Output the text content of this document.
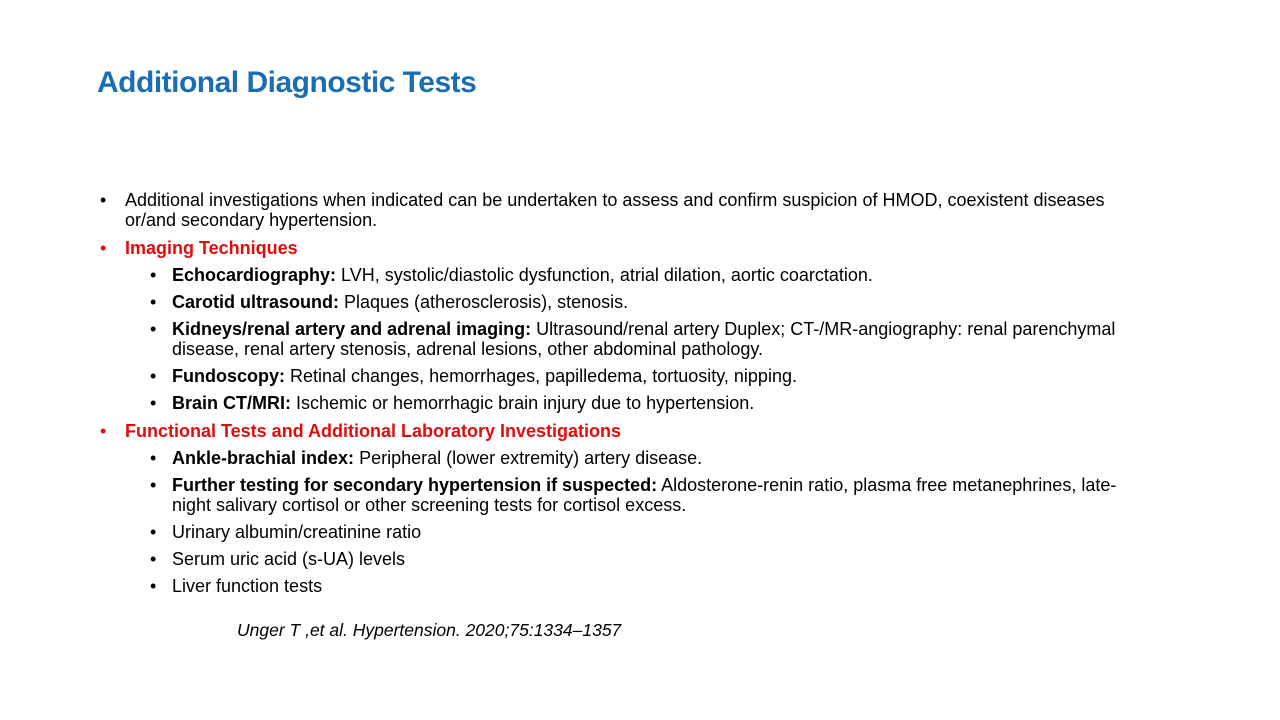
Additional Diagnostic Tests
•	Additional investigations when indicated can be undertaken to assess and confirm suspicion of HMOD, coexistent diseases or/and secondary hypertension.
•	Imaging Techniques
• Echocardiography: LVH, systolic/diastolic dysfunction, atrial dilation, aortic coarctation.
• Carotid ultrasound: Plaques (atherosclerosis), stenosis.
• Kidneys/renal artery and adrenal imaging: Ultrasound/renal artery Duplex; CT-/MR-angiography: renal parenchymal disease, renal artery stenosis, adrenal lesions, other abdominal pathology.
• Fundoscopy: Retinal changes, hemorrhages, papilledema, tortuosity, nipping.
• Brain CT/MRI: Ischemic or hemorrhagic brain injury due to hypertension.
•	Functional Tests and Additional Laboratory Investigations
• Ankle-brachial index: Peripheral (lower extremity) artery disease.
• Further testing for secondary hypertension if suspected: Aldosterone-renin ratio, plasma free metanephrines, late-night salivary cortisol or other screening tests for cortisol excess.
• Urinary albumin/creatinine ratio
• Serum uric acid (s-UA) levels
• Liver function tests
Unger T ,et al. Hypertension. 2020;75:1334–1357
